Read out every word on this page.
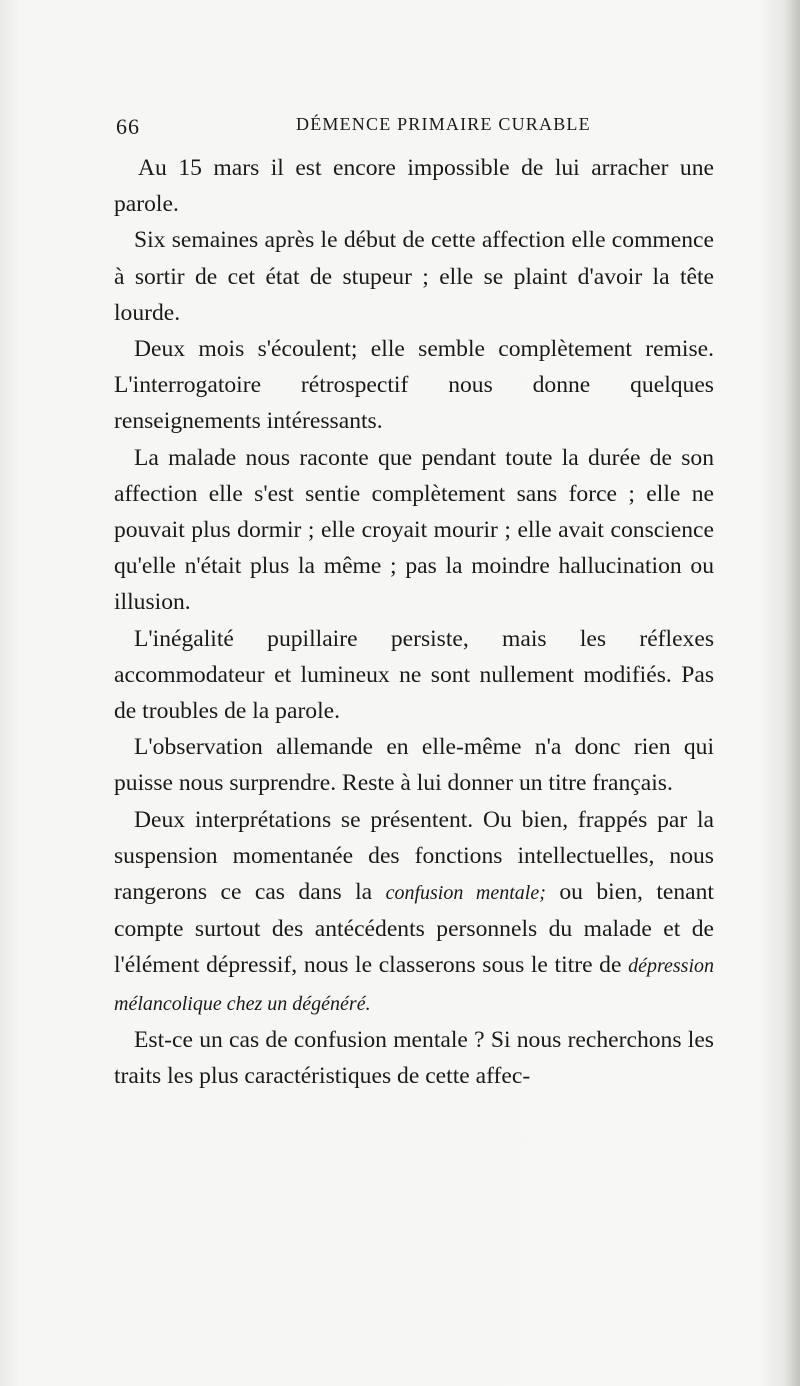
66	DÉMENCE PRIMAIRE CURABLE

Au 15 mars il est encore impossible de lui arracher une parole.

Six semaines après le début de cette affection elle commence à sortir de cet état de stupeur ; elle se plaint d'avoir la tête lourde.

Deux mois s'écoulent; elle semble complètement remise. L'interrogatoire rétrospectif nous donne quelques renseignements intéressants.

La malade nous raconte que pendant toute la durée de son affection elle s'est sentie complètement sans force ; elle ne pouvait plus dormir ; elle croyait mourir ; elle avait conscience qu'elle n'était plus la même ; pas la moindre hallucination ou illusion.

L'inégalité pupillaire persiste, mais les réflexes accommodateur et lumineux ne sont nullement modifiés. Pas de troubles de la parole.

L'observation allemande en elle-même n'a donc rien qui puisse nous surprendre. Reste à lui donner un titre français.

Deux interprétations se présentent. Ou bien, frappés par la suspension momentanée des fonctions intellectuelles, nous rangerons ce cas dans la confusion mentale; ou bien, tenant compte surtout des antécédents personnels du malade et de l'élément dépressif, nous le classerons sous le titre de dépression mélancolique chez un dégénéré.

Est-ce un cas de confusion mentale ? Si nous recherchons les traits les plus caractéristiques de cette affec-
